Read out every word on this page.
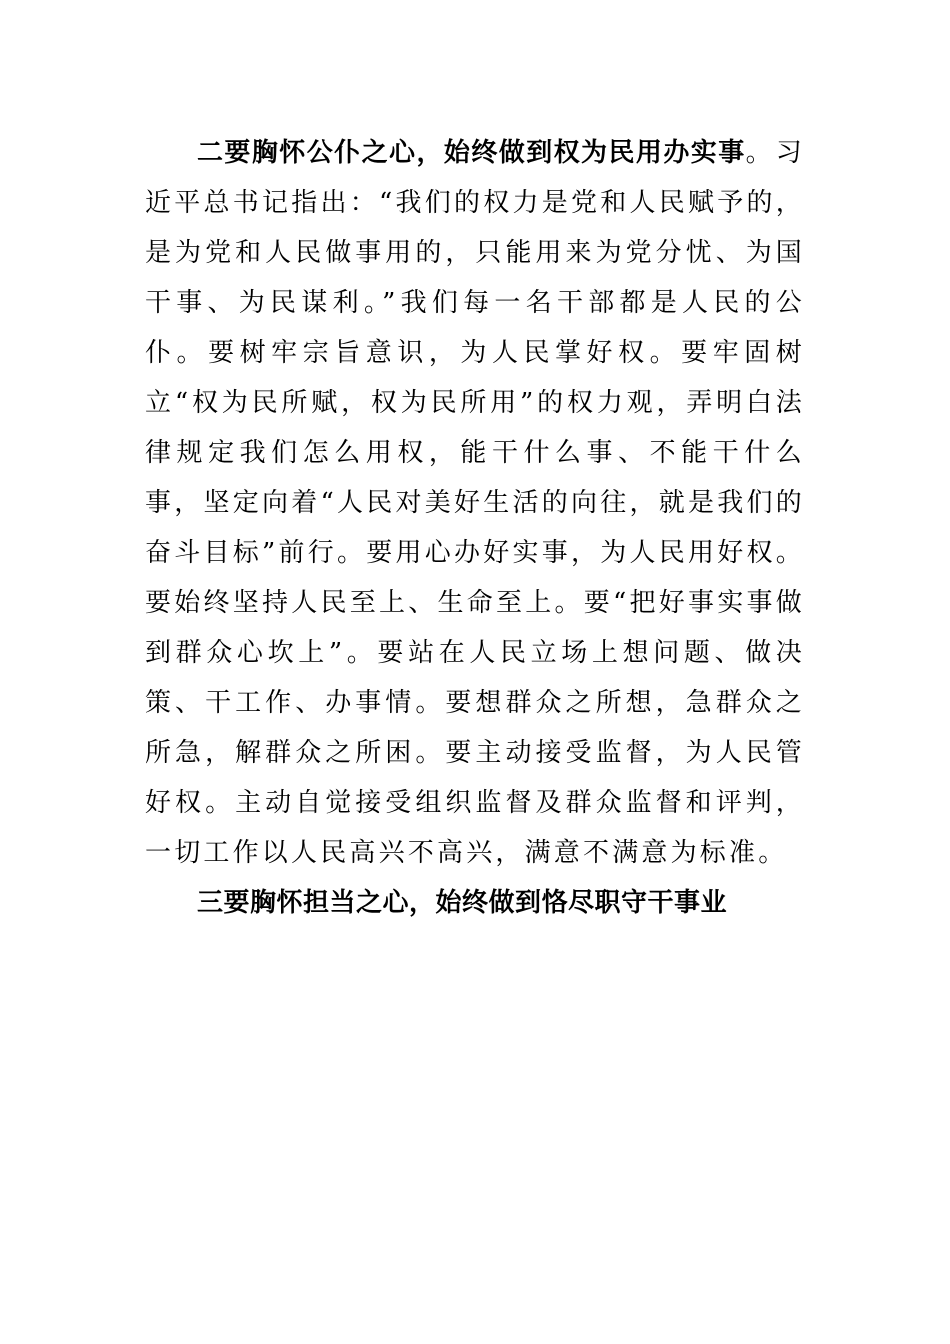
二要胸怀公仆之心，始终做到权为民用办实事。习近平总书记指出：“我们的权力是党和人民赋予的，是为党和人民做事用的，只能用来为党分忧、为国干事、为民谋利。”我们每一名干部都是人民的公仆。要树牢宗旨意识，为人民掌好权。要牢固树立“权为民所赋，权为民所用”的权力观，弄明白法律规定我们怎么用权，能干什么事、不能干什么事，坚定向着“人民对美好生活的向往，就是我们的奋斗目标”前行。要用心办好实事，为人民用好权。要始终坚持人民至上、生命至上。要“把好事实事做到群众心坎上”。要站在人民立场上想问题、做决策、干工作、办事情。要想群众之所想，急群众之所急，解群众之所困。要主动接受监督，为人民管好权。主动自觉接受组织监督及群众监督和评判，一切工作以人民高兴不高兴，满意不满意为标准。

三要胸怀担当之心，始终做到恪尽职守干事业
